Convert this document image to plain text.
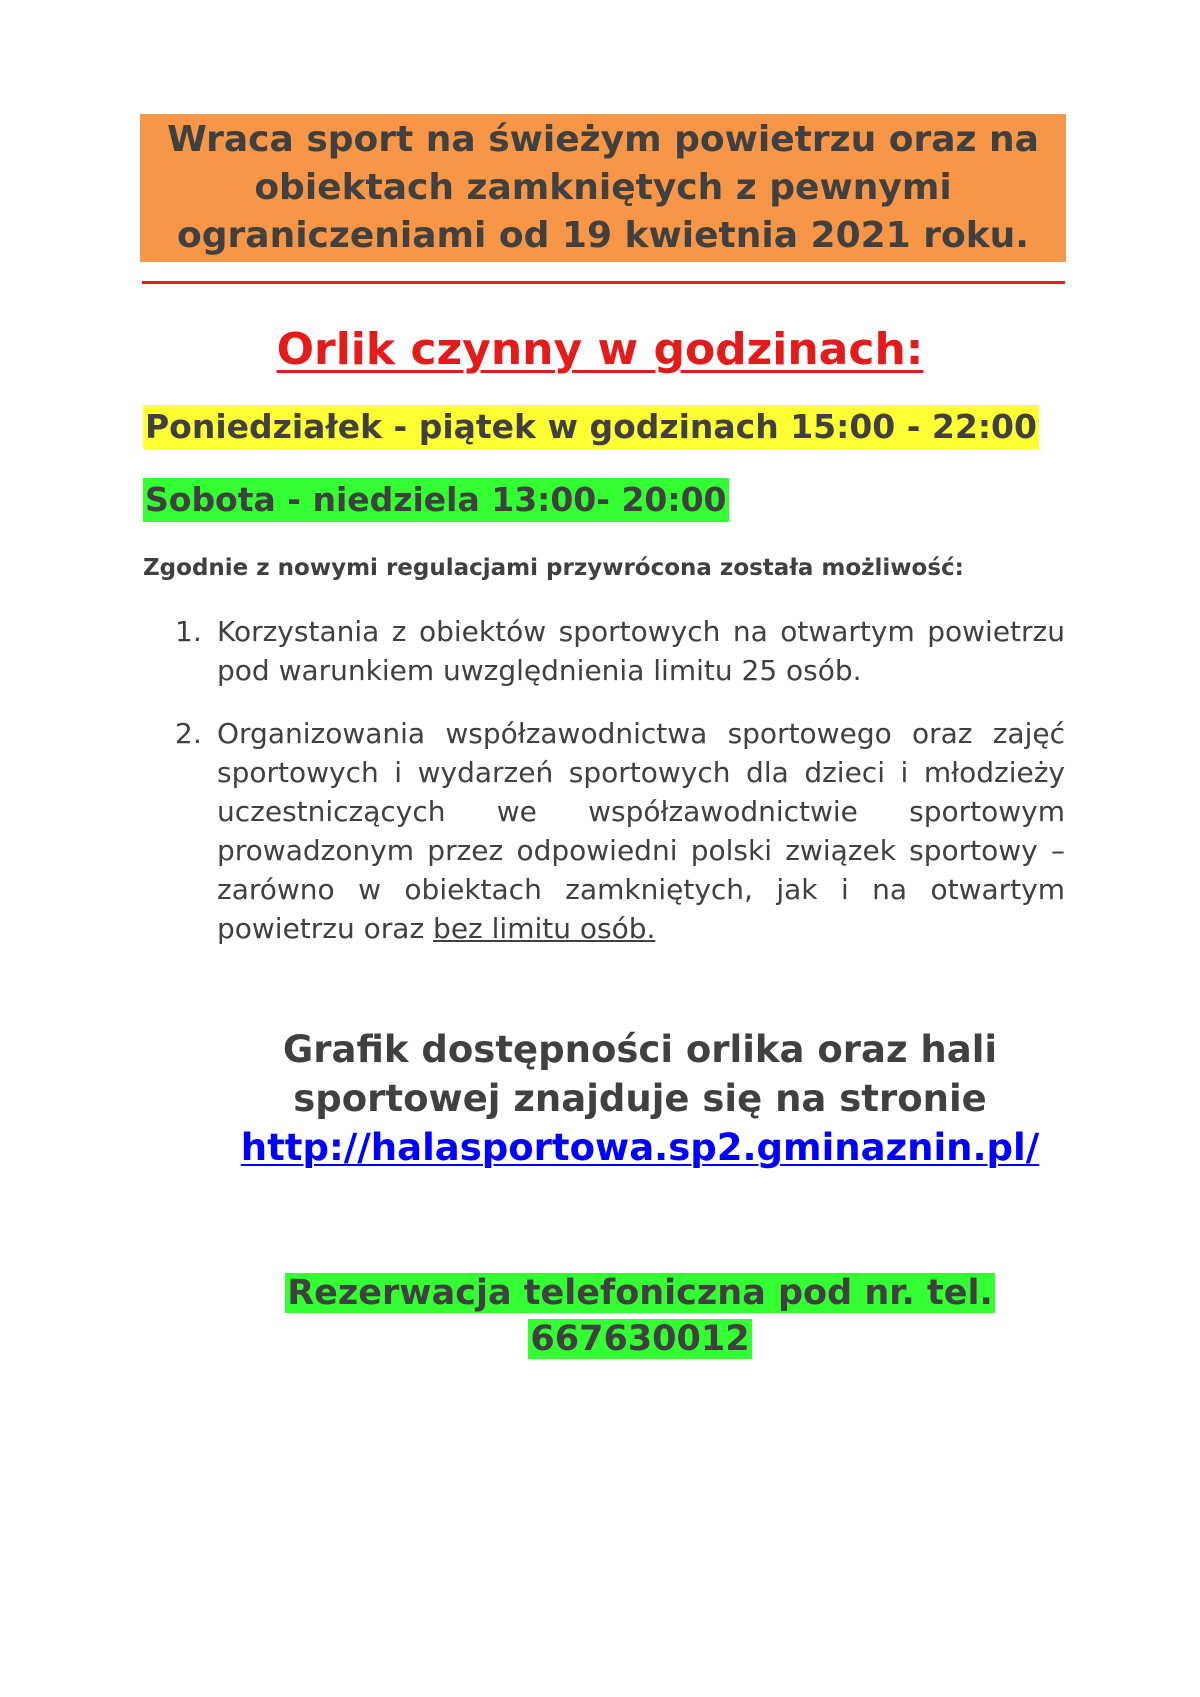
Wraca sport na świeżym powietrzu oraz na obiektach zamkniętych z pewnymi ograniczeniami od 19 kwietnia 2021 roku.
Orlik czynny w godzinach:
Poniedziałek - piątek w godzinach 15:00 - 22:00
Sobota - niedziela 13:00- 20:00

Zgodnie z nowymi regulacjami przywrócona została możliwość:

1. Korzystania z obiektów sportowych na otwartym powietrzu pod warunkiem uwzględnienia limitu 25 osób.
2. Organizowania współzawodnictwa sportowego oraz zajęć sportowych i wydarzeń sportowych dla dzieci i młodzieży uczestniczących we współzawodnictwie sportowym prowadzonym przez odpowiedni polski związek sportowy – zarówno w obiektach zamkniętych, jak i na otwartym powietrzu oraz bez limitu osób.

Grafik dostępności orlika oraz hali

sportowej znajduje się na stronie

http://halasportowa.sp2.gminaznin.pl/

Rezerwacja telefoniczna pod nr. tel.
667630012
